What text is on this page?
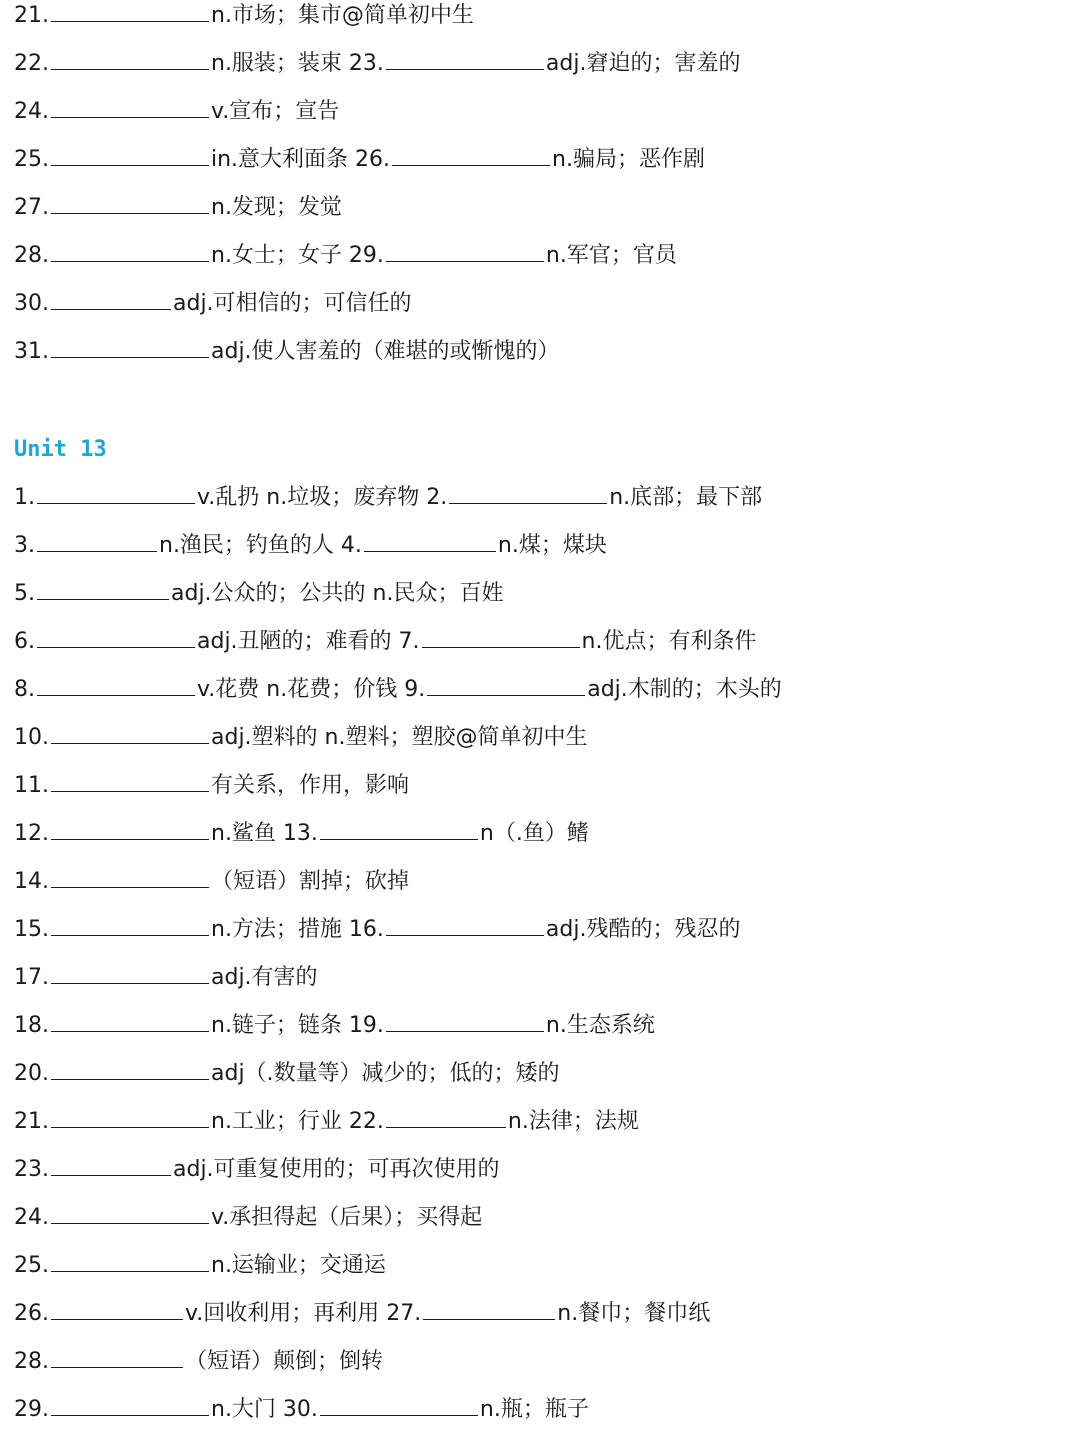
21.	n.市场；集市@简单初中生
22.	n.服装；装束 23.	adj.窘迫的；害羞的
24.	v.宣布；宣告
25.	in.意大利面条 26.	n.骗局；恶作剧
27.	n.发现；发觉
28.	n.女士；女子 29.	n.军官；官员
30.	adj.可相信的；可信任的
31.	adj.使人害羞的（难堪的或惭愧的）
Unit 13
1.	v.乱扔 n.垃圾；废弃物 2.	n.底部；最下部
3.	n.渔民；钓鱼的人 4.	n.煤；煤块
5.	adj.公众的；公共的 n.民众；百姓
6.	adj.丑陋的；难看的 7.	n.优点；有利条件
8.	v.花费 n.花费；价钱 9.	adj.木制的；木头的
10.	adj.塑料的 n.塑料；塑胶@简单初中生
11.	有关系，作用，影响
12.	n.鲨鱼 13.	n（.鱼）鳍
14.	（短语）割掉；砍掉
15.	n.方法；措施 16.	adj.残酷的；残忍的
17.	adj.有害的
18.	n.链子；链条 19.	n.生态系统
20.	adj（.数量等）减少的；低的；矮的
21.	n.工业；行业 22.	n.法律；法规
23.	adj.可重复使用的；可再次使用的
24.	v.承担得起（后果）；买得起
25.	n.运输业；交通运
26.	v.回收利用；再利用 27.	n.餐巾；餐巾纸
28.	（短语）颠倒；倒转
29.	n.大门 30.	n.瓶；瓶子
